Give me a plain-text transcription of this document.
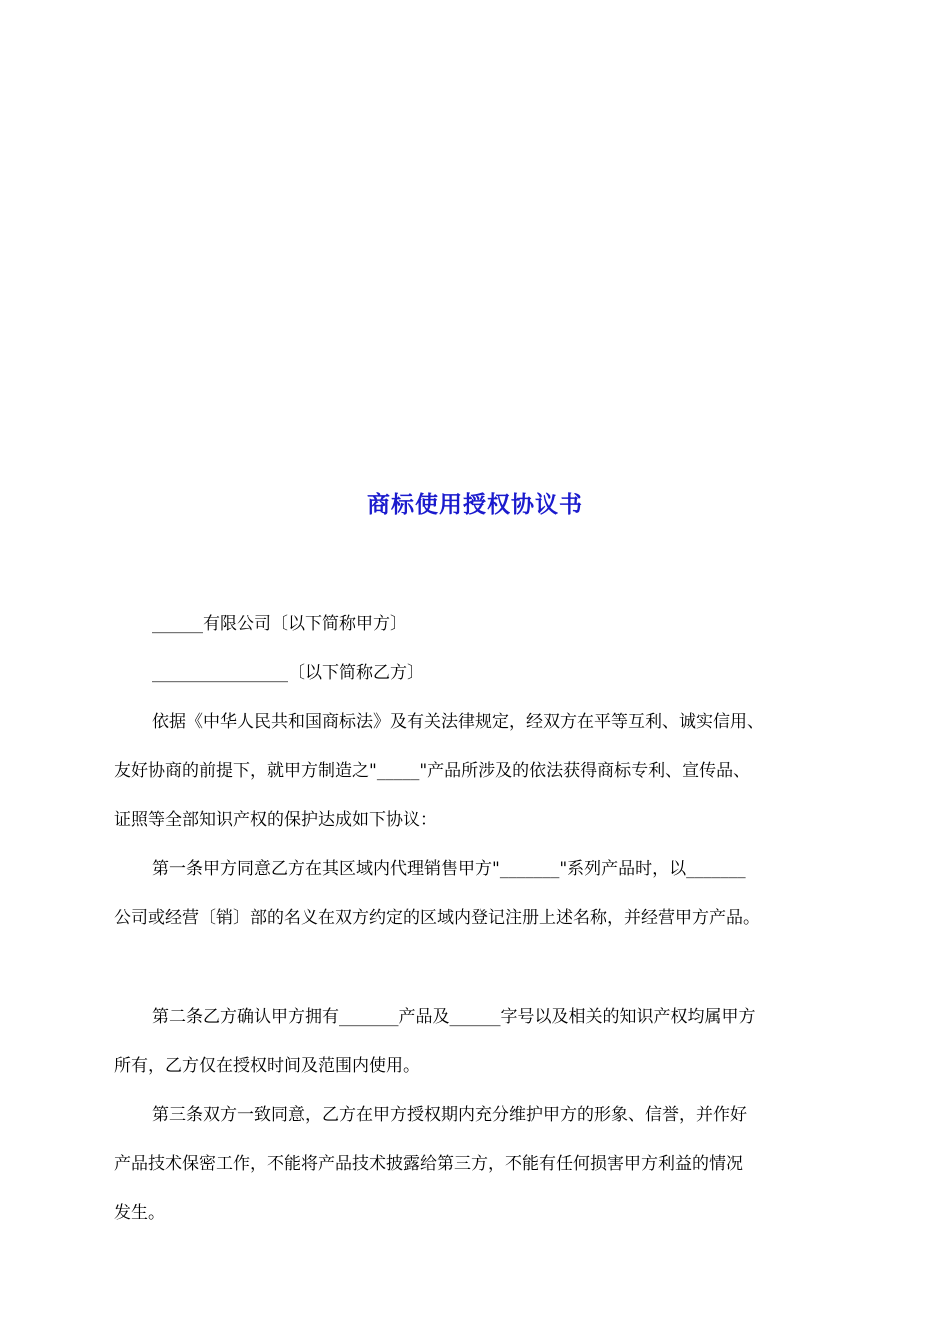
商标使用授权协议书
______有限公司〔以下简称甲方〕
________________〔以下简称乙方〕
依据《中华人民共和国商标法》及有关法律规定，经双方在平等互利、诚实信用、
友好协商的前提下，就甲方制造之"_____"产品所涉及的依法获得商标专利、宣传品、
证照等全部知识产权的保护达成如下协议：
第一条甲方同意乙方在其区域内代理销售甲方"_______"系列产品时，以_______
公司或经营〔销〕部的名义在双方约定的区域内登记注册上述名称，并经营甲方产品。
第二条乙方确认甲方拥有_______产品及______字号以及相关的知识产权均属甲方
所有，乙方仅在授权时间及范围内使用。
第三条双方一致同意，乙方在甲方授权期内充分维护甲方的形象、信誉，并作好
产品技术保密工作，不能将产品技术披露给第三方，不能有任何损害甲方利益的情况
发生。
